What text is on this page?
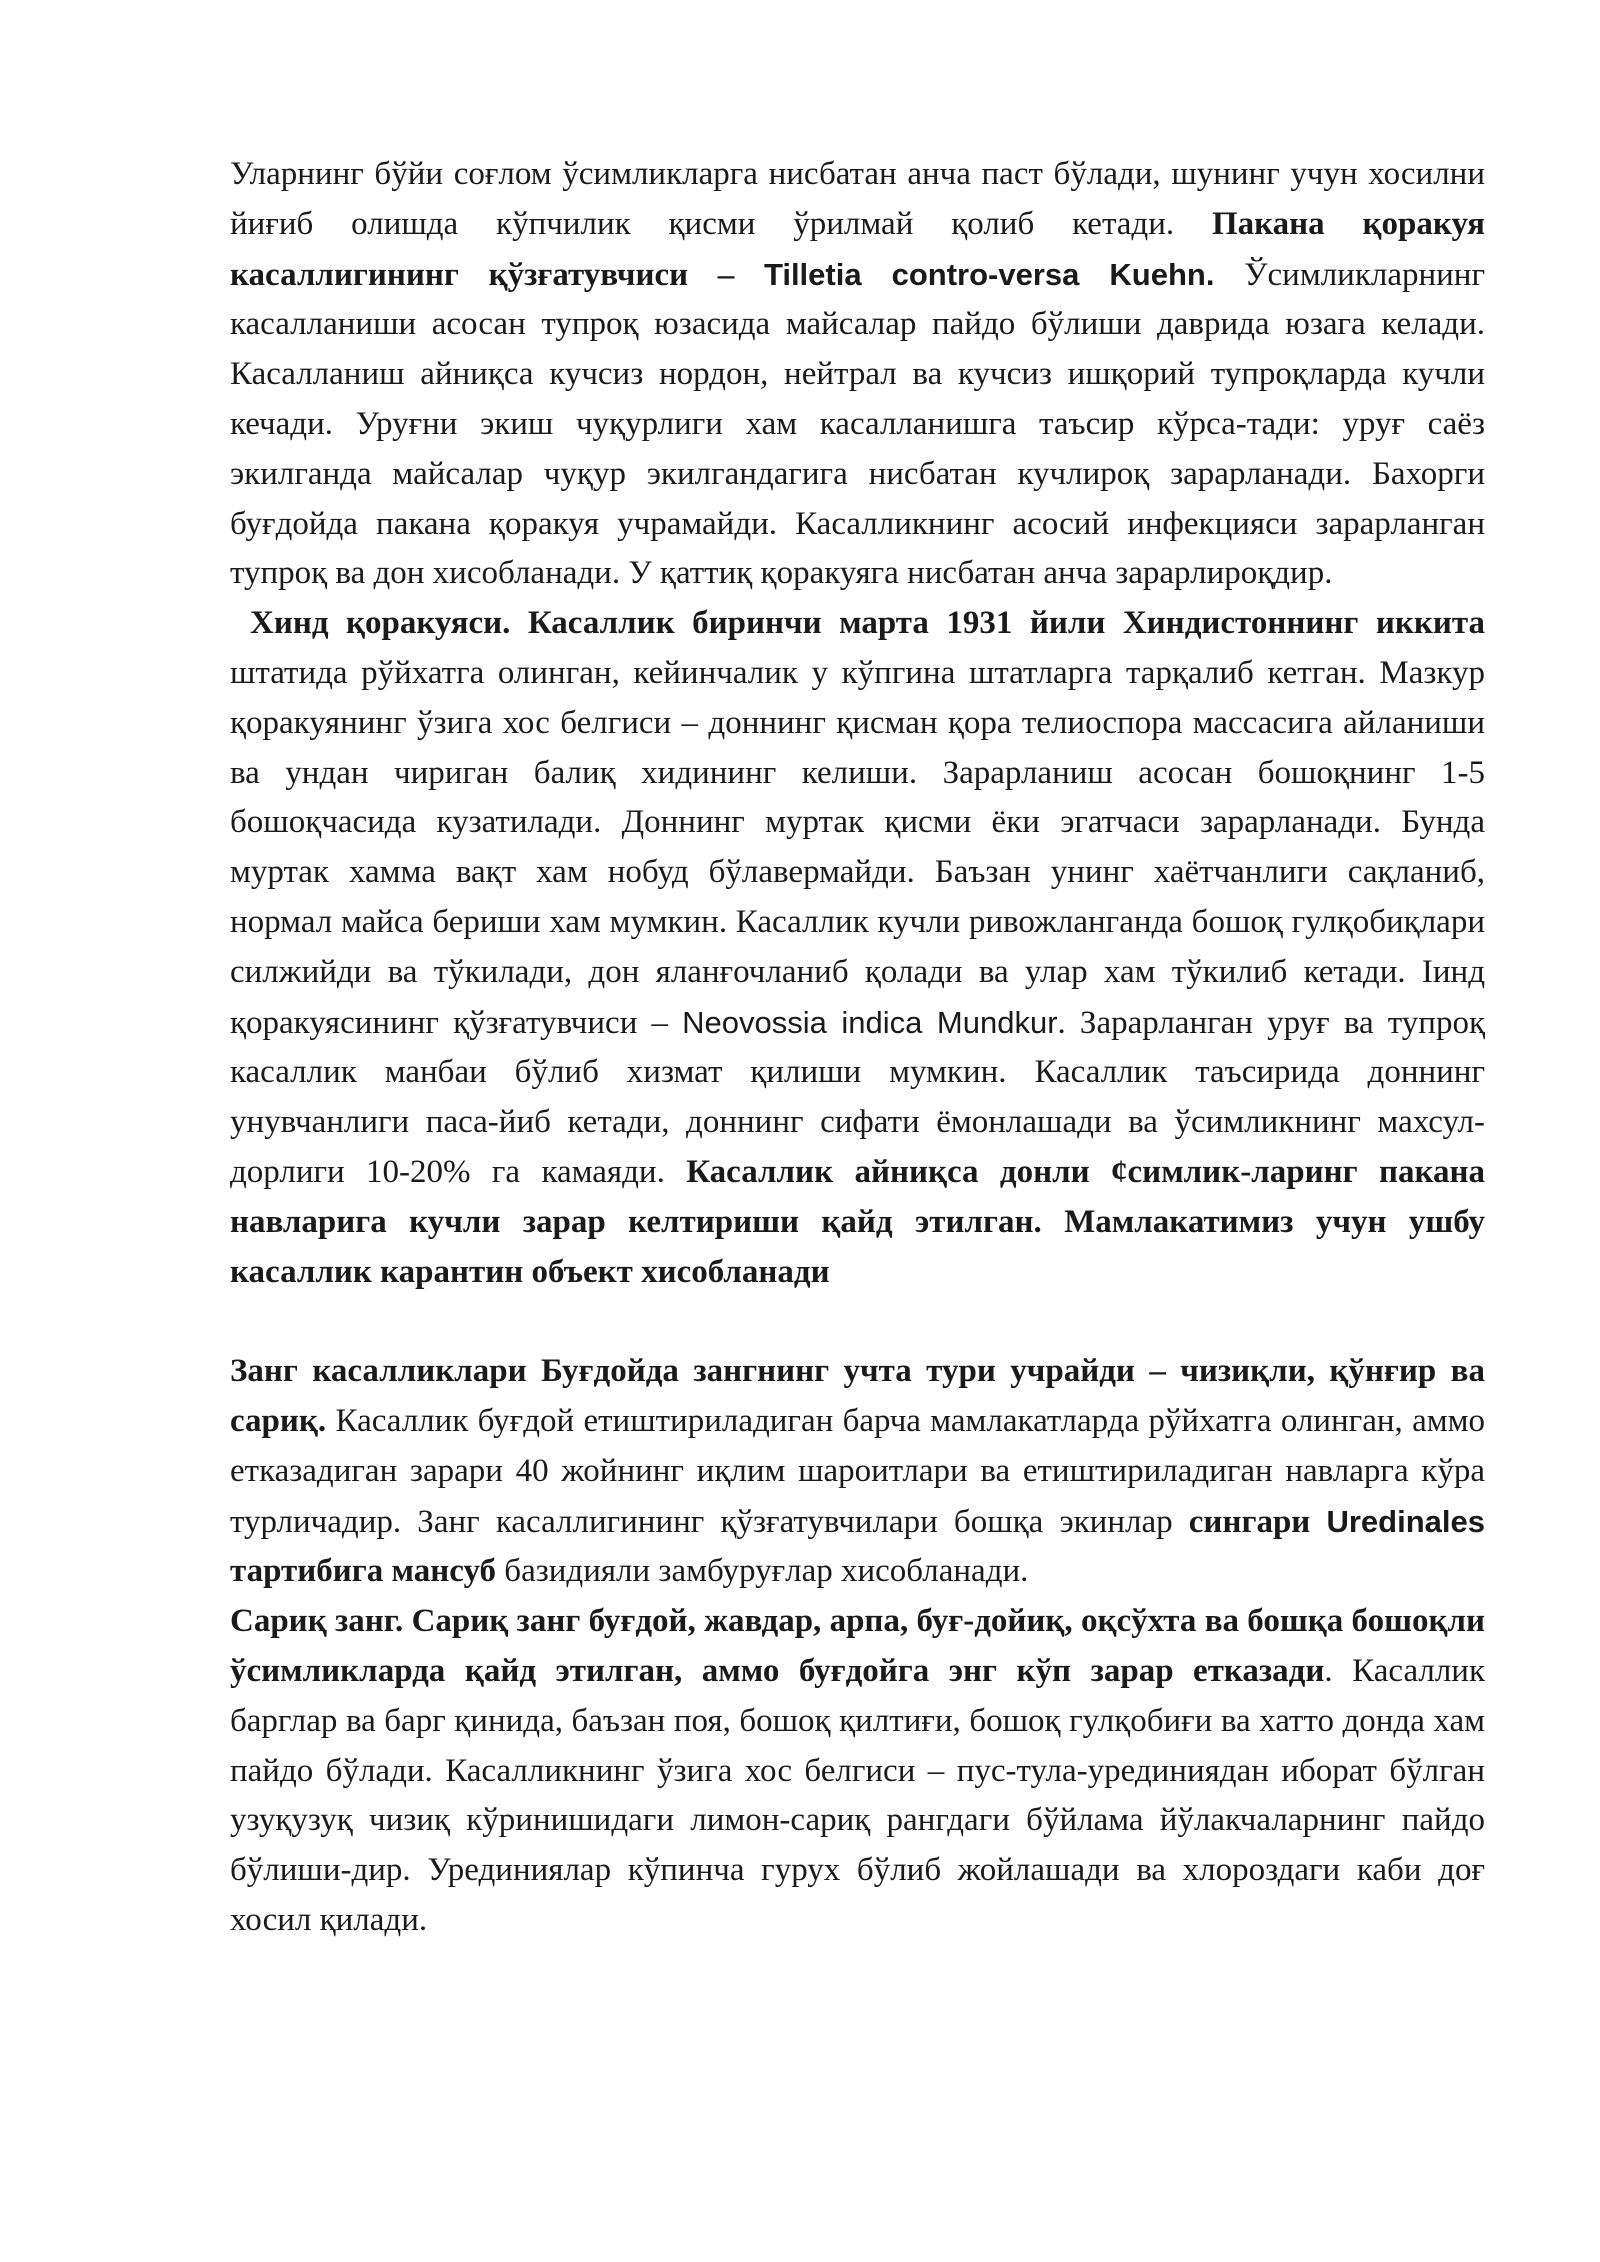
Уларнинг бўйи соғлом ўсимликларга нисбатан анча паст бўлади, шунинг учун хосилни йиғиб олишда кўпчилик қисми ўрилмай қолиб кетади. Пакана қоракуя касаллигининг қўзғатувчиси – Tilletia contro-versa Kuehn. Ўсимликларнинг касалланиши асосан тупроқ юзасида майсалар пайдо бўлиши даврида юзага келади. Касалланиш айниқса кучсиз нордон, нейтрал ва кучсиз ишқорий тупроқларда кучли кечади. Уруғни экиш чуқурлиги хам касалланишга таъсир кўрса-тади: уруғ саёз экилганда майсалар чуқур экилгандагига нисбатан кучлироқ зарарланади. Бахорги буғдойда пакана қоракуя учрамайди. Касалликнинг асосий инфекцияси зарарланган тупроқ ва дон хисобланади. У қаттиқ қоракуяга нисбатан анча зарарлироқдир.

Хинд қоракуяси. Касаллик биринчи марта 1931 йили Хиндистоннинг иккита штатида рўйхатга олинган, кейинчалик у кўпгина штатларга тарқалиб кетган. Мазкур қоракуянинг ўзига хос белгиси – доннинг қисман қора телиоспора массасига айланиши ва ундан чириган балиқ хидининг келиши. Зарарланиш асосан бошоқнинг 1-5 бошоқчасида кузатилади. Доннинг муртак қисми ёки эгатчаси зарарланади. Бунда муртак хамма вақт хам нобуд бўлавермайди. Баъзан унинг хаётчанлиги сақланиб, нормал майса бериши хам мумкин. Касаллик кучли ривожланганда бошоқ гулқобиқлари силжийди ва тўкилади, дон яланғочланиб қолади ва улар хам тўкилиб кетади. Іинд қоракуясининг қўзғатувчиси – Neovossia indica Mundkur. Зарарланган уруғ ва тупроқ касаллик манбаи бўлиб хизмат қилиши мумкин. Касаллик таъсирида доннинг унувчанлиги паса-йиб кетади, доннинг сифати ёмонлашади ва ўсимликнинг махсул-дорлиги 10-20% га камаяди. Касаллик айниқса донли ¢симлик-ларинг пакана навларига кучли зарар келтириши қайд этилган. Мамлакатимиз учун ушбу касаллик карантин объект хисобланади

Занг касалликлари Буғдойда зангнинг учта тури учрайди – чизиқли, қўнғир ва сариқ. Касаллик буғдой етиштириладиган барча мамлакатларда рўйхатга олинган, аммо етказадиган зарари 40 жойнинг иқлим шароитлари ва етиштириладиган навларга кўра турличадир. Занг касаллигининг қўзғатувчилари бошқа экинлар сингари Uredinales тартибига мансуб базидияли замбуруғлар хисобланади.

Сариқ занг. Сариқ занг буғдой, жавдар, арпа, буғ-дойиқ, оқсўхта ва бошқа бошоқли ўсимликларда қайд этилган, аммо буғдойга энг кўп зарар етказади. Касаллик барглар ва барг қинида, баъзан поя, бошоқ қилтиғи, бошоқ гулқобиғи ва хатто донда хам пайдо бўлади. Касалликнинг ўзига хос белгиси – пус-тула-урединиядан иборат бўлган узуқузуқ чизиқ кўринишидаги лимон-сариқ рангдаги бўйлама йўлакчаларнинг пайдо бўлиши-дир. Урединиялар кўпинча гурух бўлиб жойлашади ва хлороздаги каби доғ хосил қилади.
